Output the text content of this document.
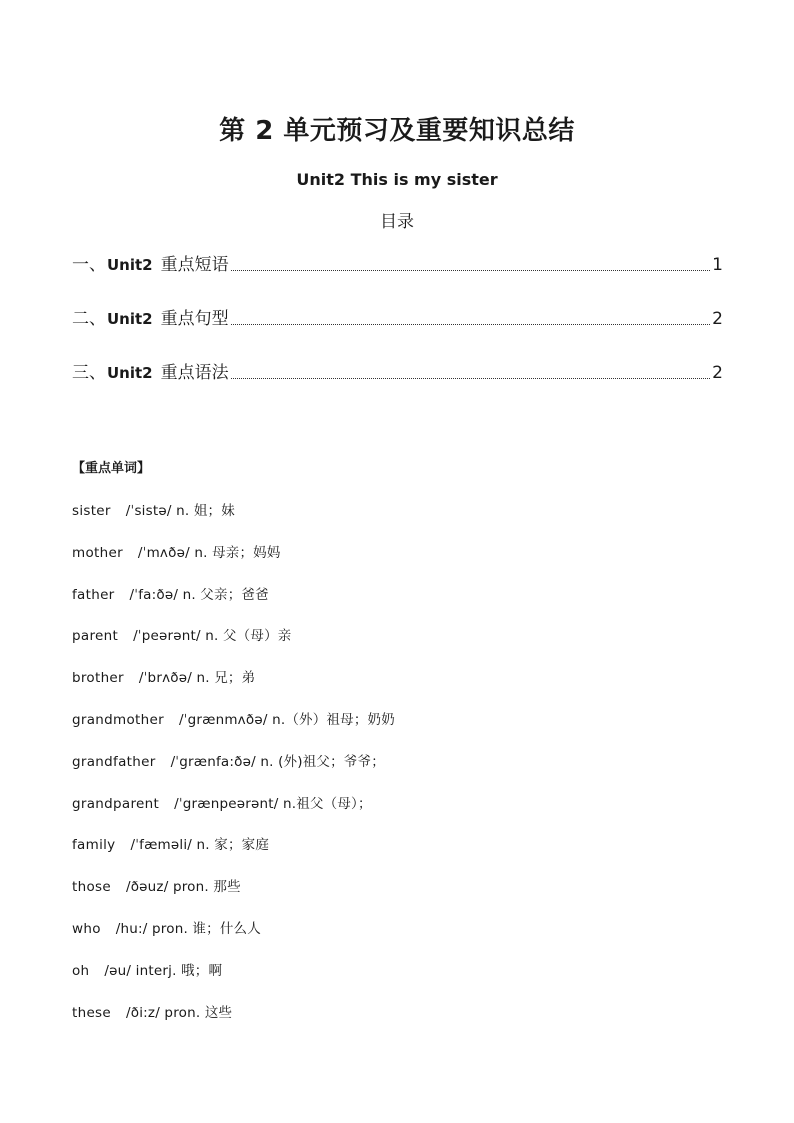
第 2 单元预习及重要知识总结
Unit2 This is my sister
目录
一、 Unit2 重点短语	1
二、 Unit2 重点句型	2
三、 Unit2 重点语法	2
【重点单词】
sister /ˈsistə/ n. 姐；妹
mother /ˈmʌðə/ n. 母亲；妈妈
father /ˈfa:ðə/ n. 父亲；爸爸
parent /ˈpeərənt/ n. 父（母）亲
brother /ˈbrʌðə/ n. 兄；弟
grandmother /ˈgrænmʌðə/ n.（外）祖母；奶奶
grandfather /ˈgrænfa:ðə/ n. (外)祖父；爷爷；
grandparent /ˈgrænpeərənt/ n.祖父（母）；
family /ˈfæməli/ n. 家；家庭
those /ðəuz/ pron. 那些
who /hu:/ pron. 谁；什么人
oh /əu/ interj. 哦；啊
these /ði:z/ pron. 这些
